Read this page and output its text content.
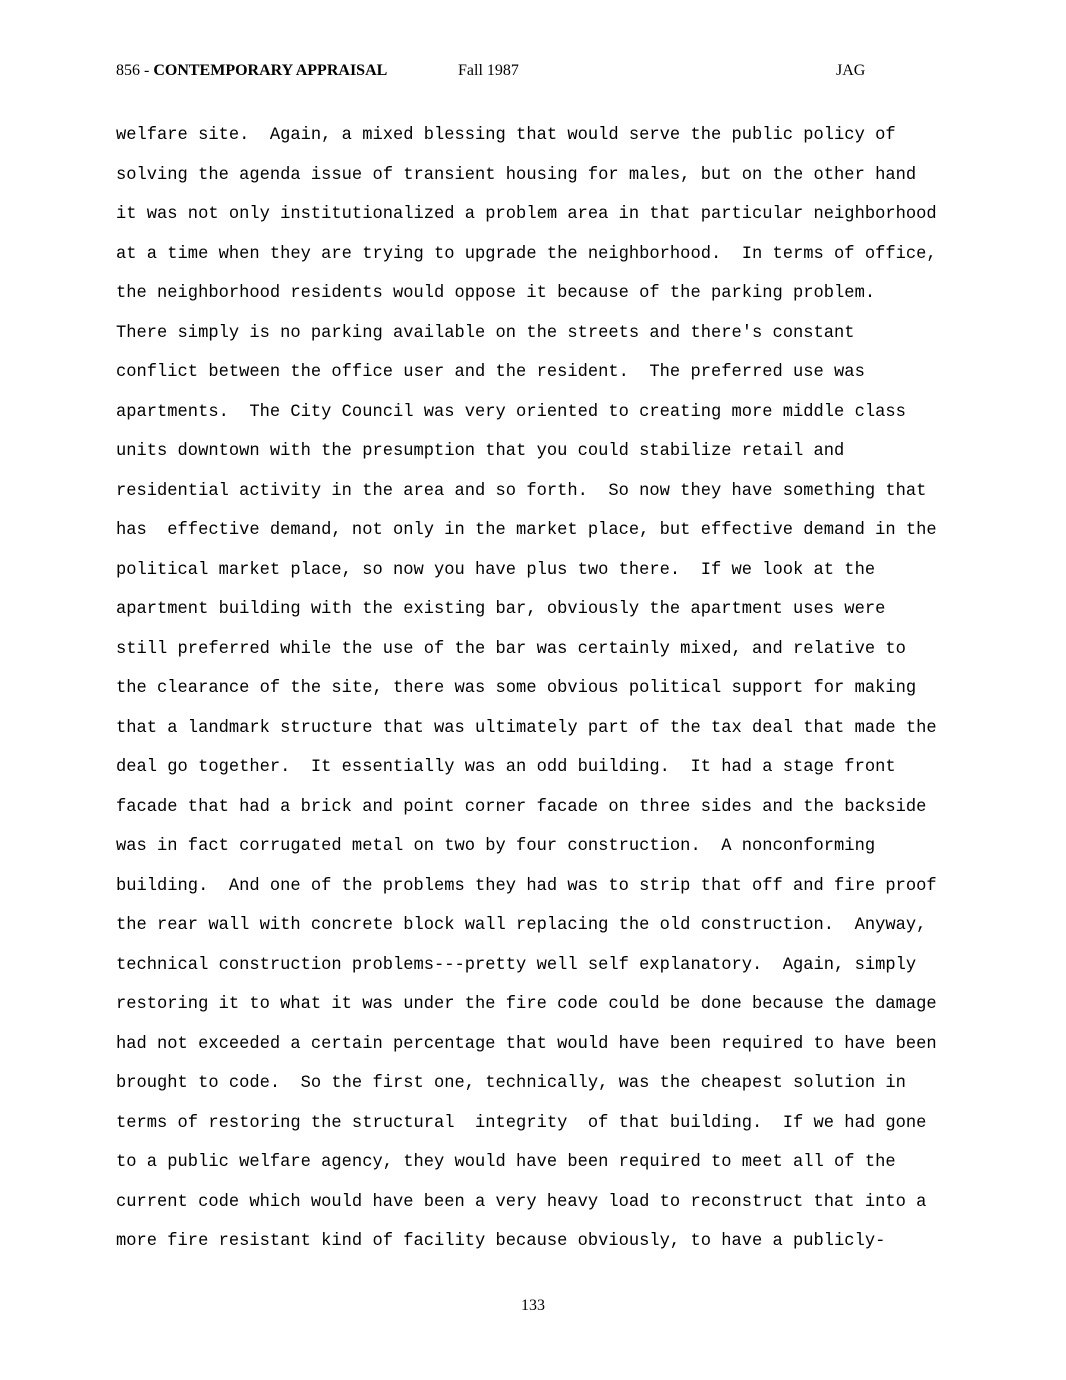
856 - CONTEMPORARY APPRAISAL	Fall 1987	JAG
welfare site.  Again, a mixed blessing that would serve the public policy of
solving the agenda issue of transient housing for males, but on the other hand
it was not only institutionalized a problem area in that particular neighborhood
at a time when they are trying to upgrade the neighborhood.  In terms of office,
the neighborhood residents would oppose it because of the parking problem.
There simply is no parking available on the streets and there's constant
conflict between the office user and the resident.  The preferred use was
apartments.  The City Council was very oriented to creating more middle class
units downtown with the presumption that you could stabilize retail and
residential activity in the area and so forth.  So now they have something that
has  effective demand, not only in the market place, but effective demand in the
political market place, so now you have plus two there.  If we look at the
apartment building with the existing bar, obviously the apartment uses were
still preferred while the use of the bar was certainly mixed, and relative to
the clearance of the site, there was some obvious political support for making
that a landmark structure that was ultimately part of the tax deal that made the
deal go together.  It essentially was an odd building.  It had a stage front
facade that had a brick and point corner facade on three sides and the backside
was in fact corrugated metal on two by four construction.  A nonconforming
building.  And one of the problems they had was to strip that off and fire proof
the rear wall with concrete block wall replacing the old construction.  Anyway,
technical construction problems---pretty well self explanatory.  Again, simply
restoring it to what it was under the fire code could be done because the damage
had not exceeded a certain percentage that would have been required to have been
brought to code.  So the first one, technically, was the cheapest solution in
terms of restoring the structural  integrity  of that building.  If we had gone
to a public welfare agency, they would have been required to meet all of the
current code which would have been a very heavy load to reconstruct that into a
more fire resistant kind of facility because obviously, to have a publicly-
133
